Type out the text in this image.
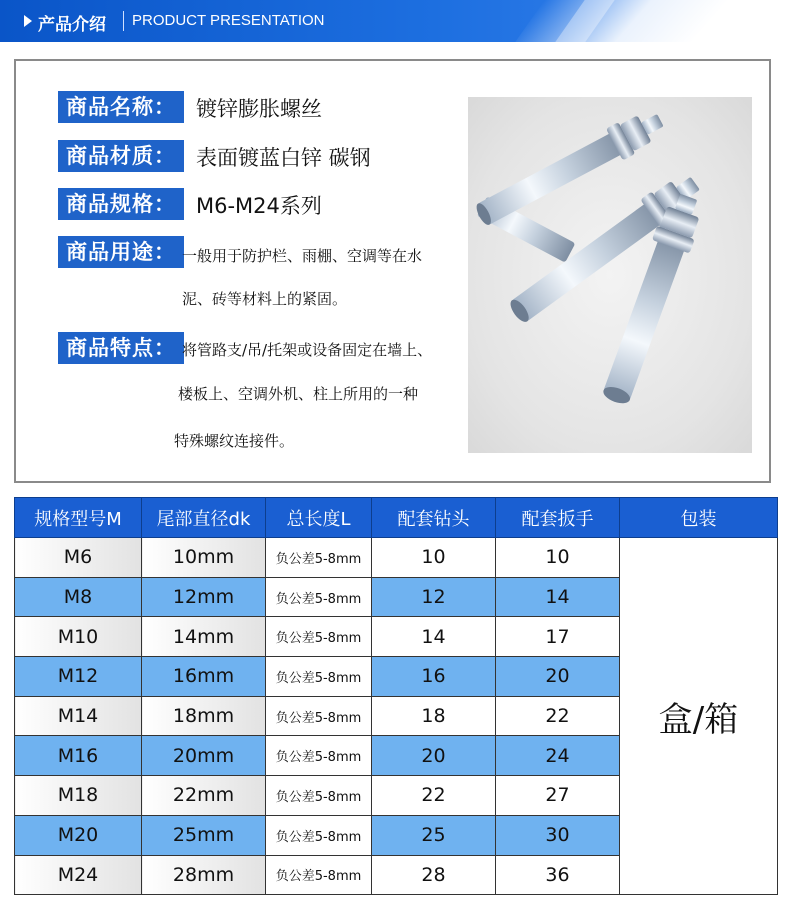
产品介绍 PRODUCT PRESENTATION
商品名称： 镀锌膨胀螺丝
商品材质： 表面镀蓝白锌 碳钢
商品规格： M6-M24系列
商品用途： 一般用于防护栏、雨棚、空调等在水
泥、砖等材料上的紧固。
商品特点： 将管路支/吊/托架或设备固定在墙上、
楼板上、空调外机、柱上所用的一种
特殊螺纹连接件。
规格型号M	尾部直径dk	总长度L	配套钻头	配套扳手	包装
M6	10mm	负公差5-8mm	10	10	盒/箱
M8	12mm	负公差5-8mm	12	14	
M10	14mm	负公差5-8mm	14	17	
M12	16mm	负公差5-8mm	16	20	
M14	18mm	负公差5-8mm	18	22	
M16	20mm	负公差5-8mm	20	24	
M18	22mm	负公差5-8mm	22	27	
M20	25mm	负公差5-8mm	25	30	
M24	28mm	负公差5-8mm	28	36	
